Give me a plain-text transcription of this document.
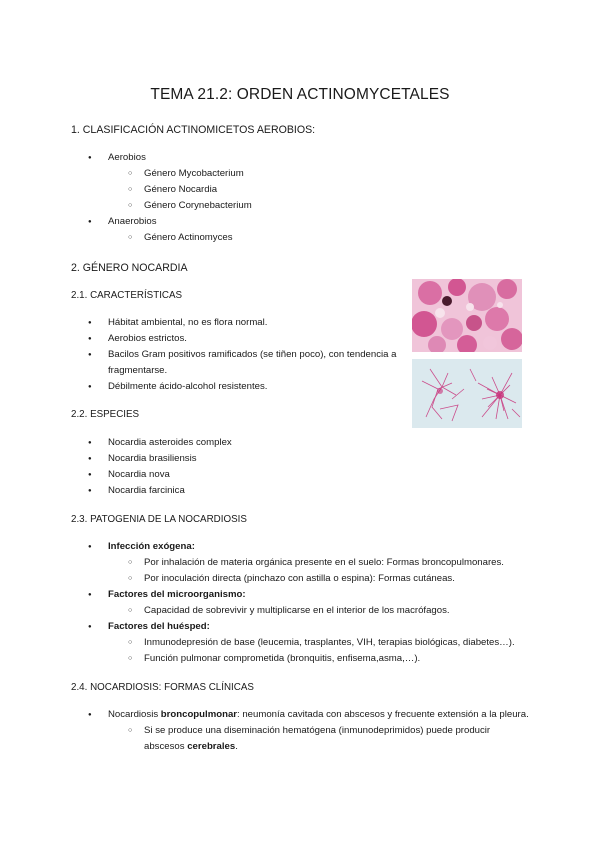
TEMA 21.2: ORDEN ACTINOMYCETALES
1. CLASIFICACIÓN ACTINOMICETOS AEROBIOS:
Aerobios
Género Mycobacterium
Género Nocardia
Género Corynebacterium
Anaerobios
Género Actinomyces
2. GÉNERO NOCARDIA
2.1. CARACTERÍSTICAS
Hábitat ambiental, no es flora normal.
Aerobios estrictos.
Bacilos Gram positivos ramificados (se tiñen poco), con tendencia a
fragmentarse.
Débilmente ácido-alcohol resistentes.
2.2. ESPECIES
Nocardia asteroides complex
Nocardia brasiliensis
Nocardia nova
Nocardia farcinica
2.3. PATOGENIA DE LA NOCARDIOSIS
Infección exógena:
Por inhalación de materia orgánica presente en el suelo: Formas broncopulmonares.
Por inoculación directa (pinchazo con astilla o espina): Formas cutáneas.
Factores del microorganismo:
Capacidad de sobrevivir y multiplicarse en el interior de los macrófagos.
Factores del huésped:
Inmunodepresión de base (leucemia, trasplantes, VIH, terapias biológicas, diabetes…).
Función pulmonar comprometida (bronquitis, enfisema,asma,…).
2.4. NOCARDIOSIS: FORMAS CLÍNICAS
Nocardiosis broncopulmonar: neumonía cavitada con abscesos y frecuente extensión a la pleura.
Si se produce una diseminación hematógena (inmunodeprimidos) puede producir
abscesos cerebrales.
